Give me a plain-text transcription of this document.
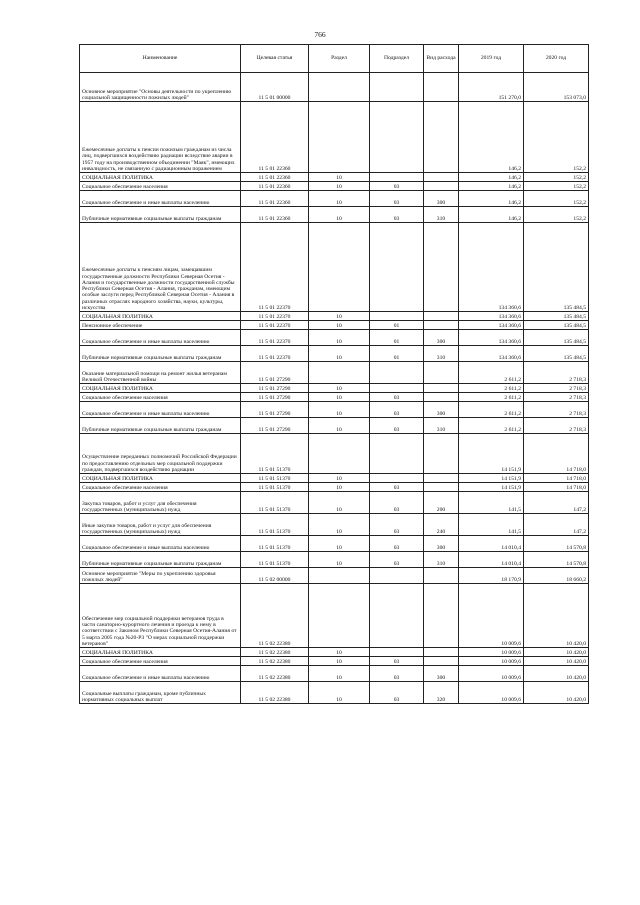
766
Наименование	Целевая статья	Раздел	Подраздел	Вид расхода	2019 год	2020 год
Основное мероприятие "Основы деятельности по укреплению социальной защищенности пожилых людей"	11 5 01 00000				151 270,0	153 073,0
Ежемесячные доплаты к пенсии пожилым гражданам из числа лиц, подвергшихся воздействию радиации вследствие аварии в 1957 году на производственном объединении "Маяк", имеющих инвалидность, не связанную с радиационным поражением	11 5 01 22360				146,2	152,2
СОЦИАЛЬНАЯ ПОЛИТИКА	11 5 01 22360	10			146,2	152,2
Социальное обеспечение населения	11 5 01 22360	10	03		146,2	152,2
Социальное обеспечение и иные выплаты населению	11 5 01 22360	10	03	300	146,2	152,2
Публичные нормативные социальные выплаты гражданам	11 5 01 22360	10	03	310	146,2	152,2
Ежемесячные доплаты к пенсиям лицам, замещавшим государственные должности Республики Северная Осетия - Алания и государственные должности государственной службы Республики Северная Осетия - Алания, гражданам, имеющим особые заслуги перед Республикой Северная Осетия - Алания в различных отраслях народного хозяйства, науки, культуры, искусства	11 5 01 22370				134 360,6	135 484,5
СОЦИАЛЬНАЯ ПОЛИТИКА	11 5 01 22370	10			134 360,6	135 484,5
Пенсионное обеспечение	11 5 01 22370	10	01		134 360,6	135 484,5
Социальное обеспечение и иные выплаты населению	11 5 01 22370	10	01	300	134 360,6	135 484,5
Публичные нормативные социальные выплаты гражданам	11 5 01 22370	10	01	310	134 360,6	135 484,5
Оказание материальной помощи на ремонт жилья ветеранам Великой Отечественной войны	11 5 01 27290				2 611,2	2 718,3
СОЦИАЛЬНАЯ ПОЛИТИКА	11 5 01 27290	10			2 611,2	2 718,3
Социальное обеспечение населения	11 5 01 27290	10	03		2 611,2	2 718,3
Социальное обеспечение и иные выплаты населению	11 5 01 27290	10	03	300	2 611,2	2 718,3
Публичные нормативные социальные выплаты гражданам	11 5 01 27290	10	03	310	2 611,2	2 718,3
Осуществление переданных полномочий Российской Федерации по предоставлению отдельных мер социальной поддержки граждан, подвергшихся воздействию радиации	11 5 01 51370				14 151,9	14 718,0
СОЦИАЛЬНАЯ ПОЛИТИКА	11 5 01 51370	10			14 151,9	14 718,0
Социальное обеспечение населения	11 5 01 51370	10	03		14 151,9	14 718,0
Закупка товаров, работ и услуг для обеспечения государственных (муниципальных) нужд	11 5 01 51370	10	03	200	141,5	147,2
Иные закупки товаров, работ и услуг для обеспечения государственных (муниципальных) нужд	11 5 01 51370	10	03	240	141,5	147,2
Социальное обеспечение и иные выплаты населению	11 5 01 51370	10	03	300	14 010,4	14 570,8
Публичные нормативные социальные выплаты гражданам	11 5 01 51370	10	03	310	14 010,4	14 570,8
Основное мероприятие "Меры по укреплению здоровья пожилых людей"	11 5 02 00000				18 170,9	18 660,2
Обеспечение мер социальной поддержки ветеранов труда в части санаторно-курортного лечения и проезда к нему в соответствии с Законом Республики Северная Осетия-Алания от 5 марта 2005 года №20-РЗ "О мерах социальной поддержки ветеранов"	11 5 02 22380				10 009,6	10 420,0
СОЦИАЛЬНАЯ ПОЛИТИКА	11 5 02 22380	10			10 009,6	10 420,0
Социальное обеспечение населения	11 5 02 22380	10	03		10 009,6	10 420,0
Социальное обеспечение и иные выплаты населению	11 5 02 22380	10	03	300	10 009,6	10 420,0
Социальные выплаты гражданам, кроме публичных нормативных социальных выплат	11 5 02 22380	10	03	320	10 009,6	10 420,0
